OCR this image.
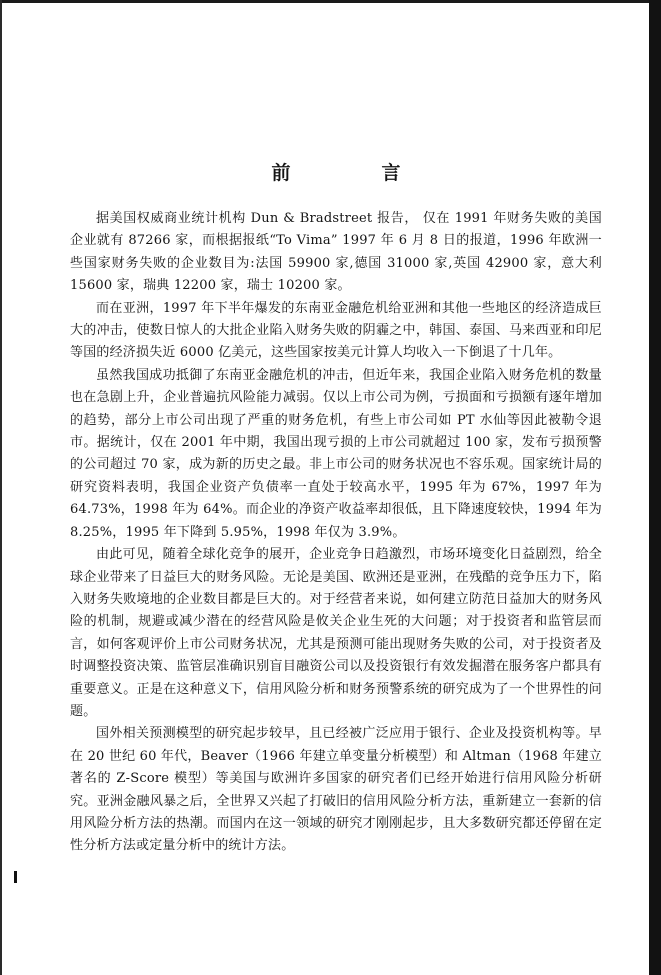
前　言

据美国权威商业统计机构 Dun & Bradstreet 报告， 仅在 1991 年财务失败的美国企业就有 87266 家，而根据报纸“To Vima” 1997 年 6 月 8 日的报道，1996 年欧洲一些国家财务失败的企业数目为:法国 59900 家,德国 31000 家,英国 42900 家，意大利 15600 家，瑞典 12200 家，瑞士 10200 家。

而在亚洲，1997 年下半年爆发的东南亚金融危机给亚洲和其他一些地区的经济造成巨大的冲击，使数日惊人的大批企业陷入财务失败的阴霾之中，韩国、泰国、马来西亚和印尼等国的经济损失近 6000 亿美元，这些国家按美元计算人均收入一下倒退了十几年。

虽然我国成功抵御了东南亚金融危机的冲击，但近年来，我国企业陷入财务危机的数量也在急剧上升，企业普遍抗风险能力减弱。仅以上市公司为例，亏损面和亏损额有逐年增加的趋势，部分上市公司出现了严重的财务危机，有些上市公司如 PT 水仙等因此被勒令退市。据统计，仅在 2001 年中期，我国出现亏损的上市公司就超过 100 家，发布亏损预警的公司超过 70 家，成为新的历史之最。非上市公司的财务状况也不容乐观。国家统计局的研究资料表明，我国企业资产负债率一直处于较高水平，1995 年为 67%，1997 年为 64.73%，1998 年为 64%。而企业的净资产收益率却很低，且下降速度较快，1994 年为 8.25%，1995 年下降到 5.95%，1998 年仅为 3.9%。

由此可见，随着全球化竞争的展开，企业竞争日趋激烈，市场环境变化日益剧烈，给全球企业带来了日益巨大的财务风险。无论是美国、欧洲还是亚洲，在残酷的竞争压力下，陷入财务失败境地的企业数目都是巨大的。对于经营者来说，如何建立防范日益加大的财务风险的机制，规避或减少潜在的经营风险是攸关企业生死的大问题；对于投资者和监管层而言，如何客观评价上市公司财务状况，尤其是预测可能出现财务失败的公司，对于投资者及时调整投资决策、监管层准确识别盲目融资公司以及投资银行有效发掘潜在服务客户都具有重要意义。正是在这种意义下，信用风险分析和财务预警系统的研究成为了一个世界性的问题。

国外相关预测模型的研究起步较早，且已经被广泛应用于银行、企业及投资机构等。早在 20 世纪 60 年代，Beaver（1966 年建立单变量分析模型）和 Altman（1968 年建立著名的 Z-Score 模型）等美国与欧洲许多国家的研究者们已经开始进行信用风险分析研究。亚洲金融风暴之后，全世界又兴起了打破旧的信用风险分析方法，重新建立一套新的信用风险分析方法的热潮。而国内在这一领域的研究才刚刚起步，且大多数研究都还停留在定性分析方法或定量分析中的统计方法。
